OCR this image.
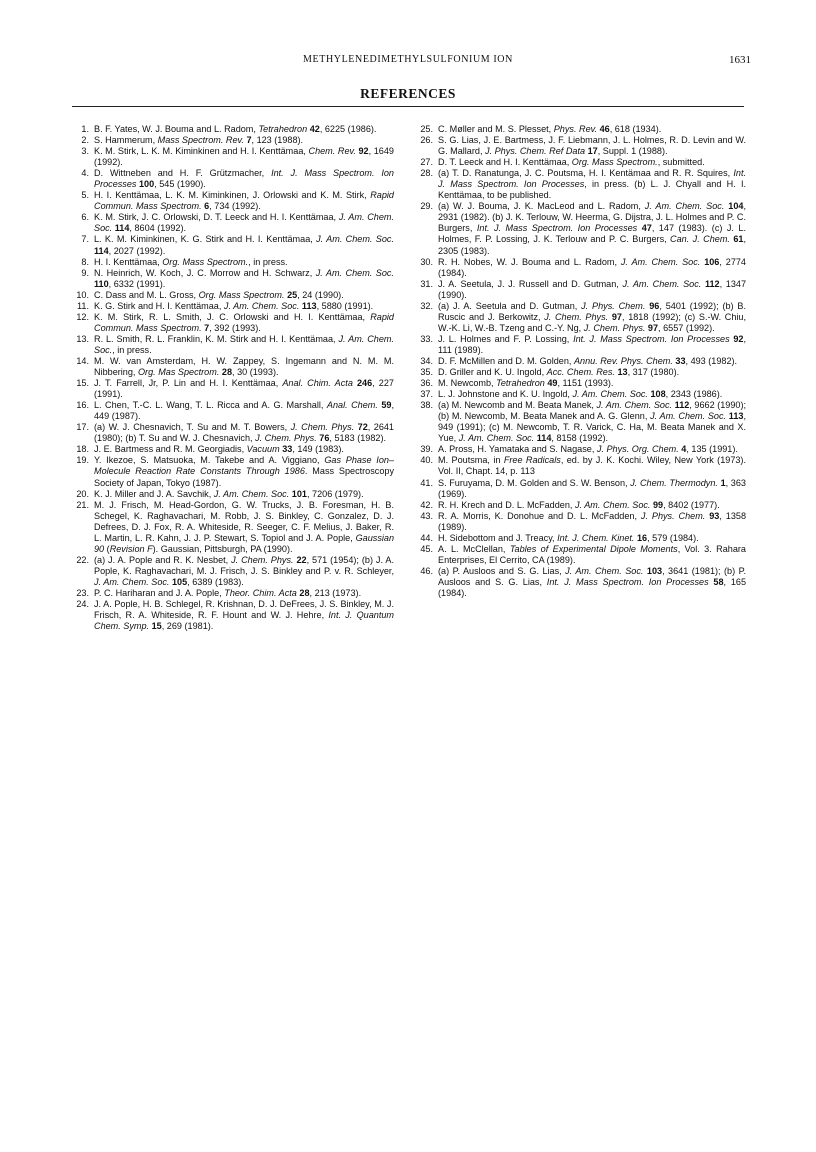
METHYLENEDIMETHYLSULFONIUM ION	1631
REFERENCES
1. B. F. Yates, W. J. Bouma and L. Radom, Tetrahedron 42, 6225 (1986).
2. S. Hammerum, Mass Spectrom. Rev. 7, 123 (1988).
3. K. M. Stirk, L. K. M. Kiminkinen and H. I. Kenttämaa, Chem. Rev. 92, 1649 (1992).
4. D. Wittneben and H. F. Grützmacher, Int. J. Mass Spectrom. Ion Processes 100, 545 (1990).
5. H. I. Kenttämaa, L. K. M. Kiminkinen, J. Orlowski and K. M. Stirk, Rapid Commun. Mass Spectrom. 6, 734 (1992).
6. K. M. Stirk, J. C. Orlowski, D. T. Leeck and H. I. Kenttämaa, J. Am. Chem. Soc. 114, 8604 (1992).
7. L. K. M. Kiminkinen, K. G. Stirk and H. I. Kenttämaa, J. Am. Chem. Soc. 114, 2027 (1992).
8. H. I. Kenttämaa, Org. Mass Spectrom., in press.
9. N. Heinrich, W. Koch, J. C. Morrow and H. Schwarz, J. Am. Chem. Soc. 110, 6332 (1991).
10. C. Dass and M. L. Gross, Org. Mass Spectrom. 25, 24 (1990).
11. K. G. Stirk and H. I. Kenttämaa, J. Am. Chem. Soc. 113, 5880 (1991).
12. K. M. Stirk, R. L. Smith, J. C. Orlowski and H. I. Kenttämaa, Rapid Commun. Mass Spectrom. 7, 392 (1993).
13. R. L. Smith, R. L. Franklin, K. M. Stirk and H. I. Kenttämaa, J. Am. Chem. Soc., in press.
14. M. W. van Amsterdam, H. W. Zappey, S. Ingemann and N. M. M. Nibbering, Org. Mas Spectrom. 28, 30 (1993).
15. J. T. Farrell, Jr, P. Lin and H. I. Kenttämaa, Anal. Chim. Acta 246, 227 (1991).
16. L. Chen, T.-C. L. Wang, T. L. Ricca and A. G. Marshall, Anal. Chem. 59, 449 (1987).
17. (a) W. J. Chesnavich, T. Su and M. T. Bowers, J. Chem. Phys. 72, 2641 (1980); (b) T. Su and W. J. Chesnavich, J. Chem. Phys. 76, 5183 (1982).
18. J. E. Bartmess and R. M. Georgiadis, Vacuum 33, 149 (1983).
19. Y. Ikezoe, S. Matsuoka, M. Takebe and A. Viggiano, Gas Phase Ion–Molecule Reaction Rate Constants Through 1986. Mass Spectroscopy Society of Japan, Tokyo (1987).
20. K. J. Miller and J. A. Savchik, J. Am. Chem. Soc. 101, 7206 (1979).
21. M. J. Frisch, M. Head-Gordon, G. W. Trucks, J. B. Foresman, H. B. Schegel, K. Raghavachari, M. Robb, J. S. Binkley, C. Gonzalez, D. J. Defrees, D. J. Fox, R. A. Whiteside, R. Seeger, C. F. Melius, J. Baker, R. L. Martin, L. R. Kahn, J. J. P. Stewart, S. Topiol and J. A. Pople, Gaussian 90 (Revision F). Gaussian, Pittsburgh, PA (1990).
22. (a) J. A. Pople and R. K. Nesbet, J. Chem. Phys. 22, 571 (1954); (b) J. A. Pople, K. Raghavachari, M. J. Frisch, J. S. Binkley and P. v. R. Schleyer, J. Am. Chem. Soc. 105, 6389 (1983).
23. P. C. Hariharan and J. A. Pople, Theor. Chim. Acta 28, 213 (1973).
24. J. A. Pople, H. B. Schlegel, R. Krishnan, D. J. DeFrees, J. S. Binkley, M. J. Frisch, R. A. Whiteside, R. F. Hount and W. J. Hehre, Int. J. Quantum Chem. Symp. 15, 269 (1981).
25. C. Møller and M. S. Plesset, Phys. Rev. 46, 618 (1934).
26. S. G. Lias, J. E. Bartmess, J. F. Liebmann, J. L. Holmes, R. D. Levin and W. G. Mallard, J. Phys. Chem. Ref Data 17, Suppl. 1 (1988).
27. D. T. Leeck and H. I. Kenttämaa, Org. Mass Spectrom., submitted.
28. (a) T. D. Ranatunga, J. C. Poutsma, H. I. Kentämaa and R. R. Squires, Int. J. Mass Spectrom. Ion Processes, in press. (b) L. J. Chyall and H. I. Kenttämaa, to be published.
29. (a) W. J. Bouma, J. K. MacLeod and L. Radom, J. Am. Chem. Soc. 104, 2931 (1982). (b) J. K. Terlouw, W. Heerma, G. Dijstra, J. L. Holmes and P. C. Burgers, Int. J. Mass Spectrom. Ion Processes 47, 147 (1983). (c) J. L. Holmes, F. P. Lossing, J. K. Terlouw and P. C. Burgers, Can. J. Chem. 61, 2305 (1983).
30. R. H. Nobes, W. J. Bouma and L. Radom, J. Am. Chem. Soc. 106, 2774 (1984).
31. J. A. Seetula, J. J. Russell and D. Gutman, J. Am. Chem. Soc. 112, 1347 (1990).
32. (a) J. A. Seetula and D. Gutman, J. Phys. Chem. 96, 5401 (1992); (b) B. Ruscic and J. Berkowitz, J. Chem. Phys. 97, 1818 (1992); (c) S.-W. Chiu, W.-K. Li, W.-B. Tzeng and C.-Y. Ng, J. Chem. Phys. 97, 6557 (1992).
33. J. L. Holmes and F. P. Lossing, Int. J. Mass Spectrom. Ion Processes 92, 111 (1989).
34. D. F. McMillen and D. M. Golden, Annu. Rev. Phys. Chem. 33, 493 (1982).
35. D. Griller and K. U. Ingold, Acc. Chem. Res. 13, 317 (1980).
36. M. Newcomb, Tetrahedron 49, 1151 (1993).
37. L. J. Johnstone and K. U. Ingold, J. Am. Chem. Soc. 108, 2343 (1986).
38. (a) M. Newcomb and M. Beata Manek, J. Am. Chem. Soc. 112, 9662 (1990); (b) M. Newcomb, M. Beata Manek and A. G. Glenn, J. Am. Chem. Soc. 113, 949 (1991); (c) M. Newcomb, T. R. Varick, C. Ha, M. Beata Manek and X. Yue, J. Am. Chem. Soc. 114, 8158 (1992).
39. A. Pross, H. Yamataka and S. Nagase, J. Phys. Org. Chem. 4, 135 (1991).
40. M. Poutsma, in Free Radicals, ed. by J. K. Kochi. Wiley, New York (1973). Vol. II, Chapt. 14, p. 113
41. S. Furuyama, D. M. Golden and S. W. Benson, J. Chem. Thermodyn. 1, 363 (1969).
42. R. H. Krech and D. L. McFadden, J. Am. Chem. Soc. 99, 8402 (1977).
43. R. A. Morris, K. Donohue and D. L. McFadden, J. Phys. Chem. 93, 1358 (1989).
44. H. Sidebottom and J. Treacy, Int. J. Chem. Kinet. 16, 579 (1984).
45. A. L. McClellan, Tables of Experimental Dipole Moments, Vol. 3. Rahara Enterprises, El Cerrito, CA (1989).
46. (a) P. Ausloos and S. G. Lias, J. Am. Chem. Soc. 103, 3641 (1981); (b) P. Ausloos and S. G. Lias, Int. J. Mass Spectrom. Ion Processes 58, 165 (1984).
